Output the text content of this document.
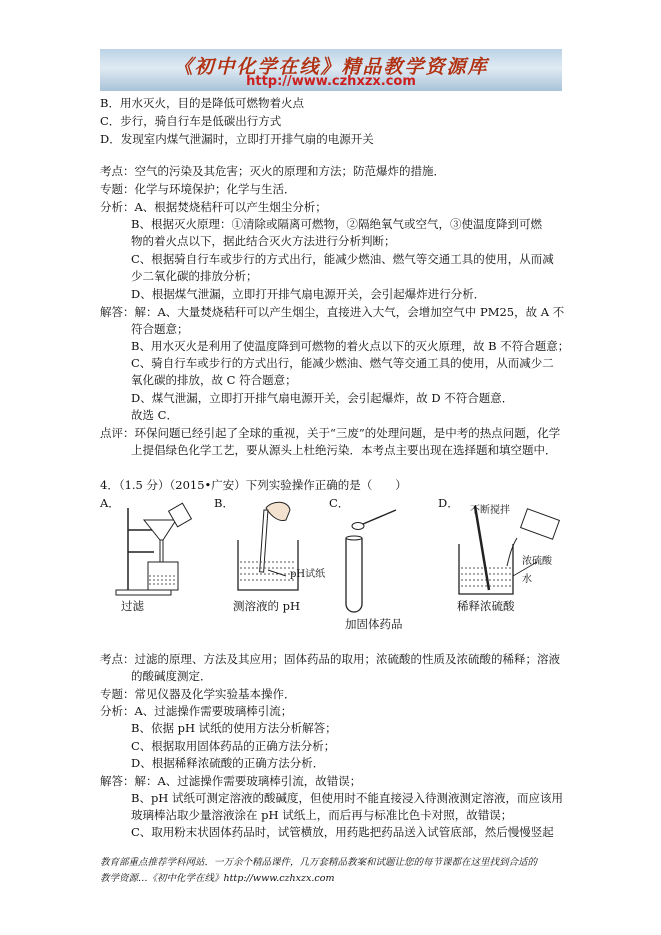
《初中化学在线》精品教学资源库
http://www.czhxzx.com
B．用水灭火，目的是降低可燃物着火点
C．步行，骑自行车是低碳出行方式
D．发现室内煤气泄漏时，立即打开排气扇的电源开关
考点：空气的污染及其危害；灭火的原理和方法；防范爆炸的措施．
专题：化学与环境保护；化学与生活．
分析：A、根据焚烧秸秆可以产生烟尘分析；
B、根据灭火原理：①清除或隔离可燃物，②隔绝氧气或空气，③使温度降到可燃
物的着火点以下，据此结合灭火方法进行分析判断；
C、根据骑自行车或步行的方式出行，能减少燃油、燃气等交通工具的使用，从而减
少二氧化碳的排放分析；
D、根据煤气泄漏，立即打开排气扇电源开关，会引起爆炸进行分析．
解答：解：A、大量焚烧秸秆可以产生烟尘，直接进入大气，会增加空气中 PM25，故 A 不
符合题意；
B、用水灭火是利用了使温度降到可燃物的着火点以下的灭火原理，故 B 不符合题意；
C、骑自行车或步行的方式出行，能减少燃油、燃气等交通工具的使用，从而减少二
氧化碳的排放，故 C 符合题意；
D、煤气泄漏，立即打开排气扇电源开关，会引起爆炸，故 D 不符合题意．
故选 C．
点评：环保问题已经引起了全球的重视，关于“三废”的处理问题，是中考的热点问题，化学
上提倡绿色化学工艺，要从源头上杜绝污染．本考点主要出现在选择题和填空题中．
4．（1.5 分）（2015•广安）下列实验操作正确的是（　　）
A．	B．	C．	D．
过滤
pH试纸
测溶液的 pH
加固体药品
不断搅拌
浓硫酸
水
稀释浓硫酸
考点：过滤的原理、方法及其应用；固体药品的取用；浓硫酸的性质及浓硫酸的稀释；溶液
的酸碱度测定．
专题：常见仪器及化学实验基本操作．
分析：A、过滤操作需要玻璃棒引流；
B、依据 pH 试纸的使用方法分析解答；
C、根据取用固体药品的正确方法分析；
D、根据稀释浓硫酸的正确方法分析．
解答：解：A、过滤操作需要玻璃棒引流，故错误；
B、pH 试纸可测定溶液的酸碱度，但使用时不能直接浸入待测液测定溶液，而应该用
玻璃棒沾取少量溶液涂在 pH 试纸上，而后再与标准比色卡对照，故错误；
C、取用粉末状固体药品时，试管横放，用药匙把药品送入试管底部，然后慢慢竖起
教育部重点推荐学科网站．一万余个精品课件，几万套精品教案和试题让您的每节课都在这里找到合适的
教学资源…《初中化学在线》http://www.czhxzx.com
